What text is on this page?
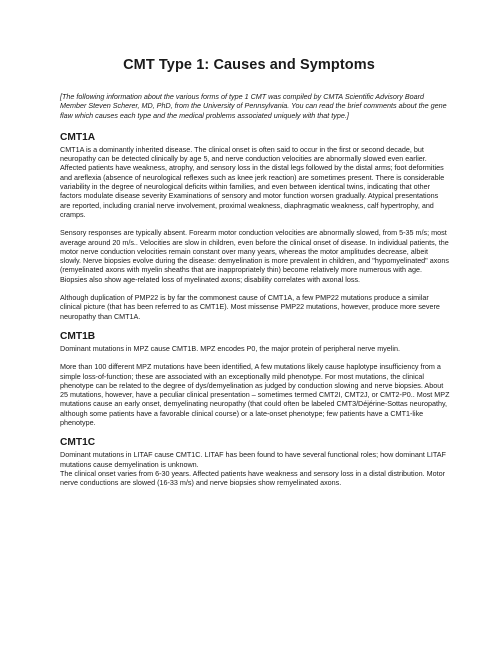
CMT Type 1: Causes and Symptoms

[The following information about the various forms of type 1 CMT was compiled by CMTA Scientific Advisory Board Member Steven Scherer, MD, PhD, from the University of Pennsylvania. You can read the brief comments about the gene flaw which causes each type and the medical problems associated uniquely with that type.]

CMT1A

CMT1A is a dominantly inherited disease. The clinical onset is often said to occur in the first or second decade, but neuropathy can be detected clinically by age 5, and nerve conduction velocities are abnormally slowed even earlier. Affected patients have weakness, atrophy, and sensory loss in the distal legs followed by the distal arms; foot deformities and areflexia (absence of neurological reflexes such as knee jerk reaction) are sometimes present. There is considerable variability in the degree of neurological deficits within families, and even between identical twins, indicating that other factors modulate disease severity Examinations of sensory and motor function worsen gradually. Atypical presentations are reported, including cranial nerve involvement, proximal weakness, diaphragmatic weakness, calf hypertrophy, and cramps.

Sensory responses are typically absent. Forearm motor conduction velocities are abnormally slowed, from 5-35 m/s; most average around 20 m/s.. Velocities are slow in children, even before the clinical onset of disease. In individual patients, the motor nerve conduction velocities remain constant over many years, whereas the motor amplitudes decrease, albeit slowly. Nerve biopsies evolve during the disease: demyelination is more prevalent in children, and "hypomyelinated" axons (remyelinated axons with myelin sheaths that are inappropriately thin) become relatively more numerous with age. Biopsies also show age-related loss of myelinated axons; disability correlates with axonal loss.

Although duplication of PMP22 is by far the commonest cause of CMT1A, a few PMP22 mutations produce a similar clinical picture (that has been referred to as CMT1E). Most missense PMP22 mutations, however, produce more severe neuropathy than CMT1A.

CMT1B

Dominant mutations in MPZ cause CMT1B. MPZ encodes P0, the major protein of peripheral nerve myelin.

More than 100 different MPZ mutations have been identified, A few mutations likely cause haplotype insufficiency from a simple loss-of-function; these are associated with an exceptionally mild phenotype. For most mutations, the clinical phenotype can be related to the degree of dys/demyelination as judged by conduction slowing and nerve biopsies. About 25 mutations, however, have a peculiar clinical presentation – sometimes termed CMT2I, CMT2J, or CMT2-P0.. Most MPZ mutations cause an early onset, demyelinating neuropathy (that could often be labeled CMT3/Déjérine-Sottas neuropathy, although some patients have a favorable clinical course) or a late-onset phenotype; few patients have a CMT1-like phenotype.

CMT1C

Dominant mutations in LITAF cause CMT1C. LITAF has been found to have several functional roles; how dominant LITAF mutations cause demyelination is unknown.

The clinical onset varies from 6-30 years. Affected patients have weakness and sensory loss in a distal distribution. Motor nerve conductions are slowed (16-33 m/s) and nerve biopsies show remyelinated axons.
